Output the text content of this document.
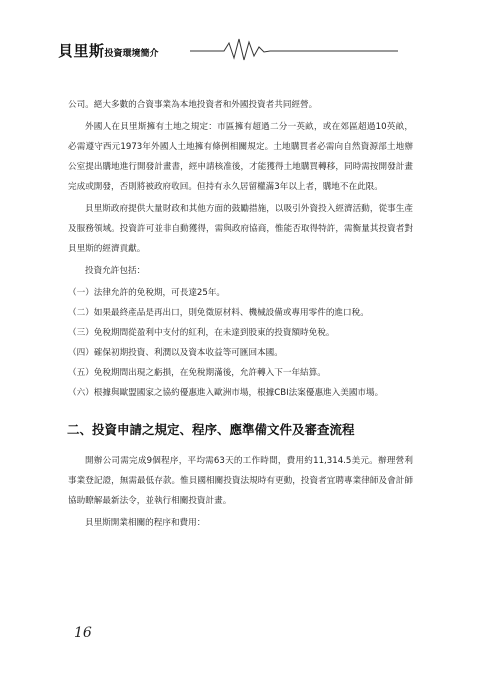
貝里斯投資環境簡介

公司。絕大多數的合資事業為本地投資者和外國投資者共同經營。

外國人在貝里斯擁有土地之規定：市區擁有超過二分一英畝，或在郊區超過10英畝，必需遵守西元1973年外國人土地擁有條例相關規定。土地購買者必需向自然資源部土地辦公室提出購地進行開發計畫書，經申請核准後，才能獲得土地購買轉移，同時需按開發計畫完成或開發，否則將被政府收回。但持有永久居留權滿3年以上者，購地不在此限。

貝里斯政府提供大量財政和其他方面的鼓勵措施，以吸引外資投入經濟活動，從事生產及服務領域。投資許可並非自動獲得，需與政府協商，惟能否取得特許，需衡量其投資者對貝里斯的經濟貢獻。

投資允許包括：

（一）法律允許的免稅期，可長達25年。

（二）如果最終產品是再出口，則免徵原材料、機械設備或專用零件的進口稅。

（三）免稅期間從盈利中支付的紅利，在未達到股東的投資額時免稅。

（四）確保初期投資、利潤以及資本收益等可匯回本國。

（五）免稅期間出現之虧損，在免稅期滿後，允許轉入下一年結算。

（六）根據與歐盟國家之協約優惠進入歐洲市場，根據CBI法案優惠進入美國市場。

二、投資申請之規定、程序、應準備文件及審查流程

開辦公司需完成9個程序，平均需63天的工作時間，費用約11,314.5美元。辦理營利事業登記證，無需最低存款。惟貝國相關投資法規時有更動，投資者宜聘專業律師及會計師協助瞭解最新法令，並執行相關投資計畫。

貝里斯開業相關的程序和費用：

16
